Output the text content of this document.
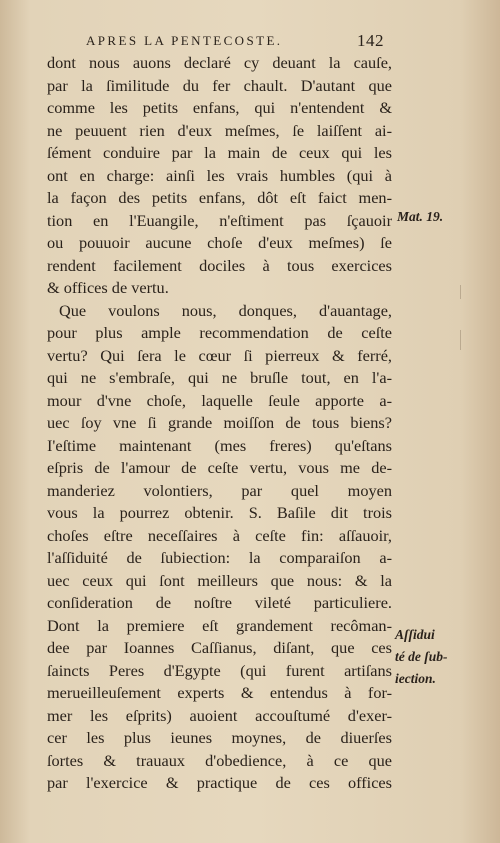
APRES LA PENTECOSTE.	142
dont nous auons declaré cy deuant la cauſe,
par la ſimilitude du fer chault. D'autant que
comme les petits enfans, qui n'entendent &
ne peuuent rien d'eux meſmes, ſe laiſſent ai-
ſément conduire par la main de ceux qui les
ont en charge: ainſi les vrais humbles (qui à
la façon des petits enfans, dôt eſt faict men-
tion en l'Euangile, n'eſtiment pas ſçauoir
ou pouuoir aucune choſe d'eux meſmes) ſe
rendent facilement dociles à tous exercices
& offices de vertu.
Que voulons nous, donques, d'auantage,
pour plus ample recommendation de ceſte
vertu? Qui ſera le cœur ſi pierreux & ferré,
qui ne s'embraſe, qui ne bruſle tout, en l'a-
mour d'vne choſe, laquelle ſeule apporte a-
uec ſoy vne ſi grande moiſſon de tous biens?
I'eſtime maintenant (mes freres) qu'eſtans
eſpris de l'amour de ceſte vertu, vous me de-
manderiez volontiers, par quel moyen
vous la pourrez obtenir. S. Baſile dit trois
choſes eſtre neceſſaires à ceſte fin: aſſauoir,
l'aſſiduité de ſubiection: la comparaiſon a-
uec ceux qui ſont meilleurs que nous: & la
conſideration de noſtre vileté particuliere.
Dont la premiere eſt grandement recôman-
dee par Ioannes Caſſianus, diſant, que ces
ſaincts Peres d'Egypte (qui furent artiſans
merueilleuſement experts & entendus à for-
mer les eſprits) auoient accouſtumé d'exer-
cer les plus ieunes moynes, de diuerſes
ſortes & trauaux d'obedience, à ce que
par l'exercice & practique de ces offices
Mat. 19.
Aſſidui
té de ſub-
iection.
